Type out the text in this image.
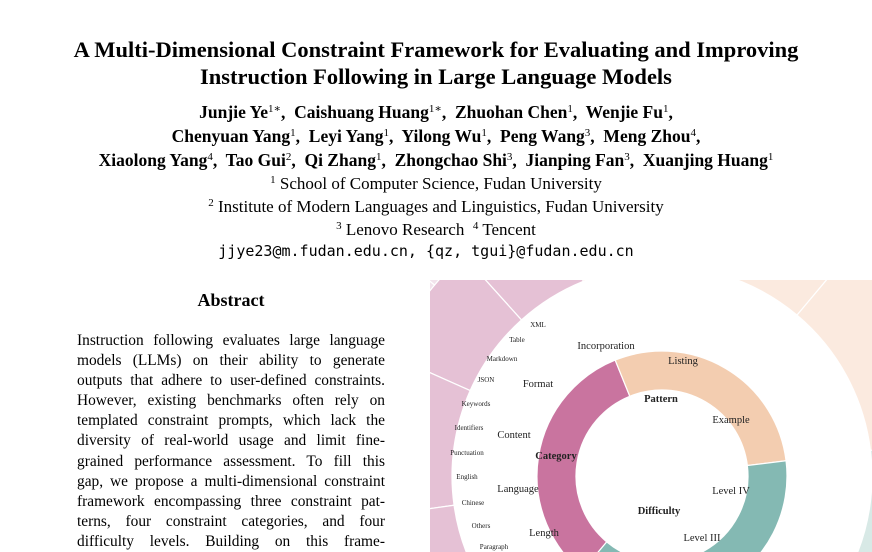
A Multi-Dimensional Constraint Framework for Evaluating and Improving
Instruction Following in Large Language Models
Junjie $Ye^{1∗}$,  Caishuang Huang$^{1∗}$,  Zhuohan Chen$^1$,  Wenjie Fu$^1$,
Chenyuan Yang$^1$,  Leyi Yang$^1$,  Yilong Wu$^1$,  Peng Wang$^3$,  Meng Zhou$^4$,
Xiaolong Yang$^4$,  Tao Gui$^2$,  Qi Zhang$^1$,  Zhongchao Shi$^3$,  Jianping Fan$^3$,  Xuanjing Huang$^1$
$^1$ School of Computer Science, Fudan University
$^2$ Institute of Modern Languages and Linguistics, Fudan University
$^3$ Lenovo Research $^4$ Tencent
jjye23@m.fudan.edu.cn, {qz, tgui}@fudan.edu.cn
Abstract
Instruction following evaluates large language
models (LLMs) on their ability to generate
outputs that adhere to user-defined constraints.
However, existing benchmarks often rely on
templated constraint prompts, which lack the
diversity of real-world usage and limit fine-
grained performance assessment. To fill this
gap, we propose a multi-dimensional constraint
framework encompassing three constraint pat-
terns, four constraint categories, and four
difficulty levels. Building on this frame-
Category
Pattern
Difficulty
Format
Content
Language
Length
Incorporation
Listing
Example
Level IV
Level III
XML
Table
Markdown
JSON
Keywords
Identifiers
Punctuation
English
Chinese
Others
Paragraph
